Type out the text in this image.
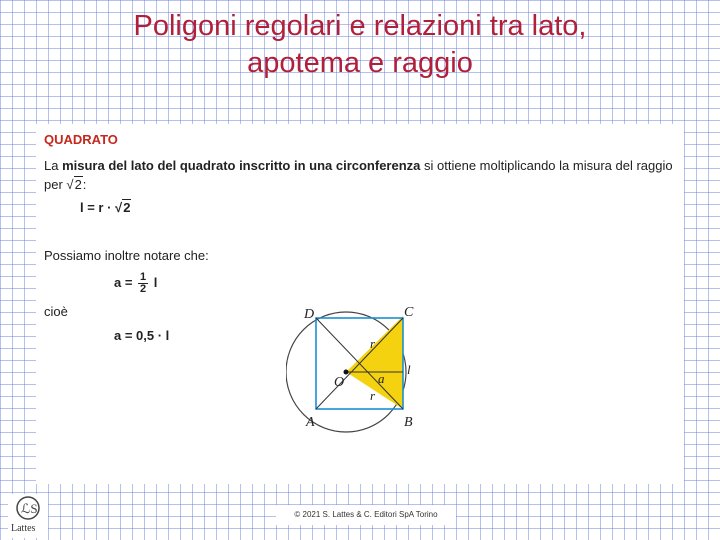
Poligoni regolari e relazioni tra lato,
apotema e raggio
QUADRATO
La misura del lato del quadrato inscritto in una circonferenza si ottiene moltiplicando la misura del raggio per √2:
l = r · √2
Possiamo inoltre notare che:
$a = \frac{1}{2}$ l
cioè
a = 0,5 · l
D	C
A	B
O
r
r
a
l
ℒS
Lattes
© 2021 S. Lattes & C. Editori SpA Torino
